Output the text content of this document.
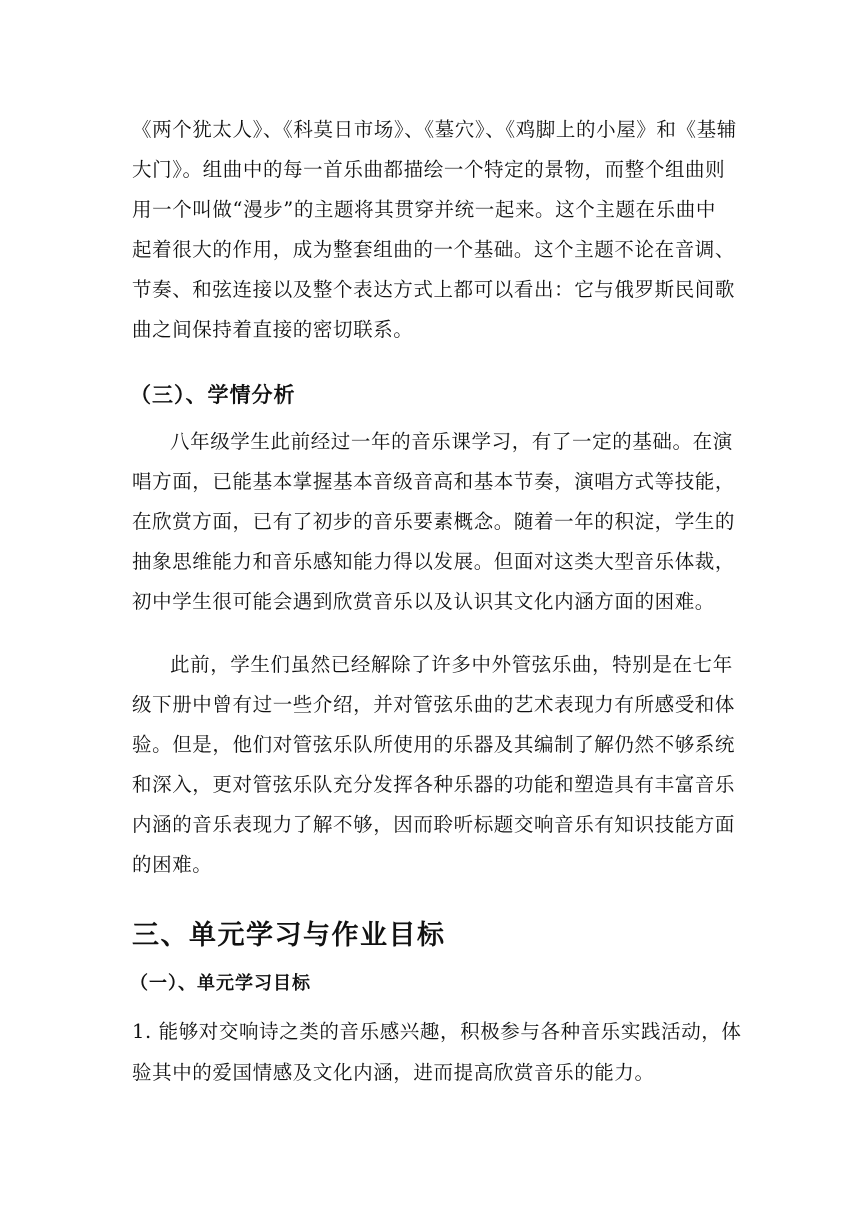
《两个犹太人》、《科莫日市场》、《墓穴》、《鸡脚上的小屋》和《基辅
大门》。组曲中的每一首乐曲都描绘一个特定的景物，而整个组曲则
用一个叫做“漫步”的主题将其贯穿并统一起来。这个主题在乐曲中
起着很大的作用，成为整套组曲的一个基础。这个主题不论在音调、
节奏、和弦连接以及整个表达方式上都可以看出：它与俄罗斯民间歌
曲之间保持着直接的密切联系。
（三）、学情分析
八年级学生此前经过一年的音乐课学习，有了一定的基础。在演
唱方面，已能基本掌握基本音级音高和基本节奏，演唱方式等技能，
在欣赏方面，已有了初步的音乐要素概念。随着一年的积淀，学生的
抽象思维能力和音乐感知能力得以发展。但面对这类大型音乐体裁，
初中学生很可能会遇到欣赏音乐以及认识其文化内涵方面的困难。
此前，学生们虽然已经解除了许多中外管弦乐曲，特别是在七年
级下册中曾有过一些介绍，并对管弦乐曲的艺术表现力有所感受和体
验。但是，他们对管弦乐队所使用的乐器及其编制了解仍然不够系统
和深入，更对管弦乐队充分发挥各种乐器的功能和塑造具有丰富音乐
内涵的音乐表现力了解不够，因而聆听标题交响音乐有知识技能方面
的困难。
三、单元学习与作业目标
（一）、单元学习目标
1. 能够对交响诗之类的音乐感兴趣，积极参与各种音乐实践活动，体
验其中的爱国情感及文化内涵，进而提高欣赏音乐的能力。
